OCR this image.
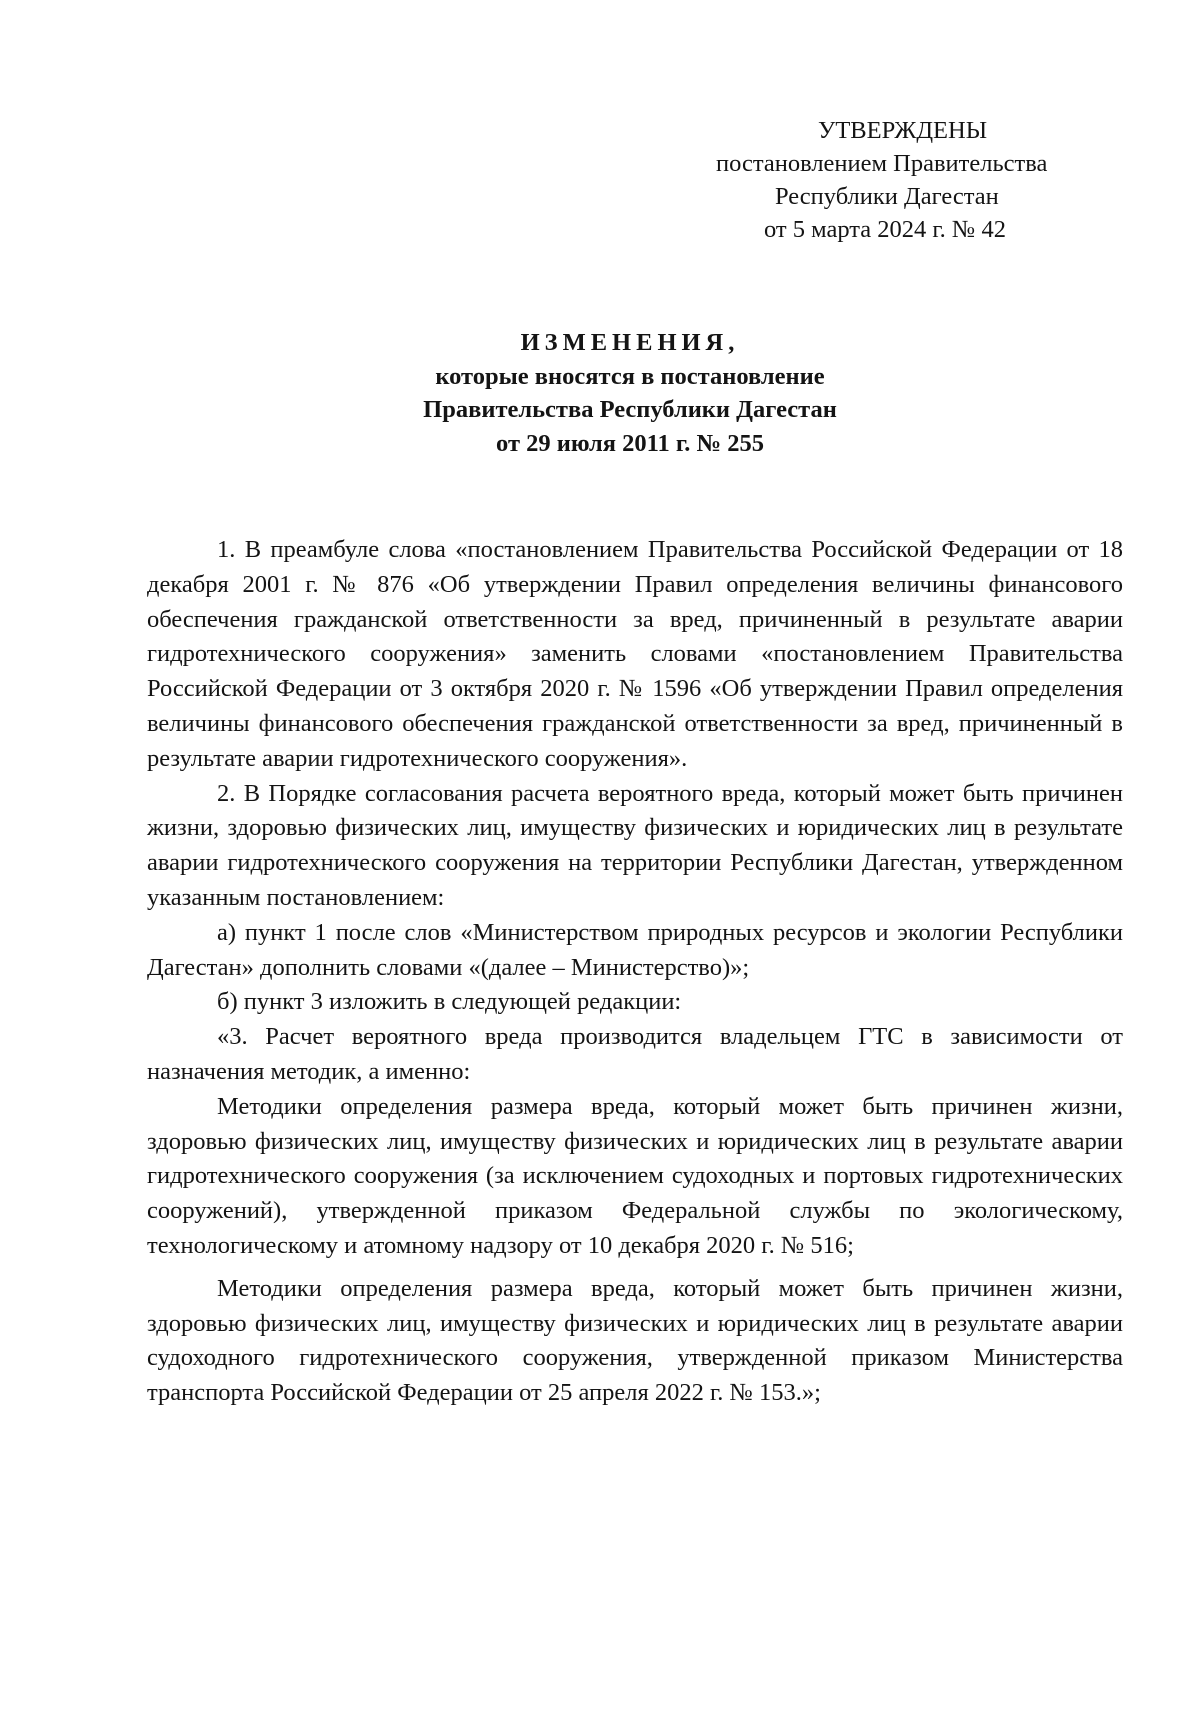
УТВЕРЖДЕНЫ
постановлением Правительства
Республики Дагестан
от 5 марта 2024 г. № 42
ИЗМЕНЕНИЯ,
которые вносятся в постановление
Правительства Республики Дагестан
от 29 июля 2011 г. № 255

1. В преамбуле слова «постановлением Правительства Российской Федерации от 18 декабря 2001 г. № 876 «Об утверждении Правил определения величины финансового обеспечения гражданской ответственности за вред, причиненный в результате аварии гидротехнического сооружения» заменить словами «постановлением Правительства Российской Федерации от 3 октября 2020 г. № 1596 «Об утверждении Правил определения величины финансового обеспечения гражданской ответственности за вред, причиненный в результате аварии гидротехнического сооружения».

2. В Порядке согласования расчета вероятного вреда, который может быть причинен жизни, здоровью физических лиц, имуществу физических и юридических лиц в результате аварии гидротехнического сооружения на территории Республики Дагестан, утвержденном указанным постановлением:

а) пункт 1 после слов «Министерством природных ресурсов и экологии Республики Дагестан» дополнить словами «(далее – Министерство)»;

б) пункт 3 изложить в следующей редакции:

«3. Расчет вероятного вреда производится владельцем ГТС в зависимости от назначения методик, а именно:

Методики определения размера вреда, который может быть причинен жизни, здоровью физических лиц, имуществу физических и юридических лиц в результате аварии гидротехнического сооружения (за исключением судоходных и портовых гидротехнических сооружений), утвержденной приказом Федеральной службы по экологическому, технологическому и атомному надзору от 10 декабря 2020 г. № 516;

Методики определения размера вреда, который может быть причинен жизни, здоровью физических лиц, имуществу физических и юридических лиц в результате аварии судоходного гидротехнического сооружения, утвержденной приказом Министерства транспорта Российской Федерации от 25 апреля 2022 г. № 153.»;
